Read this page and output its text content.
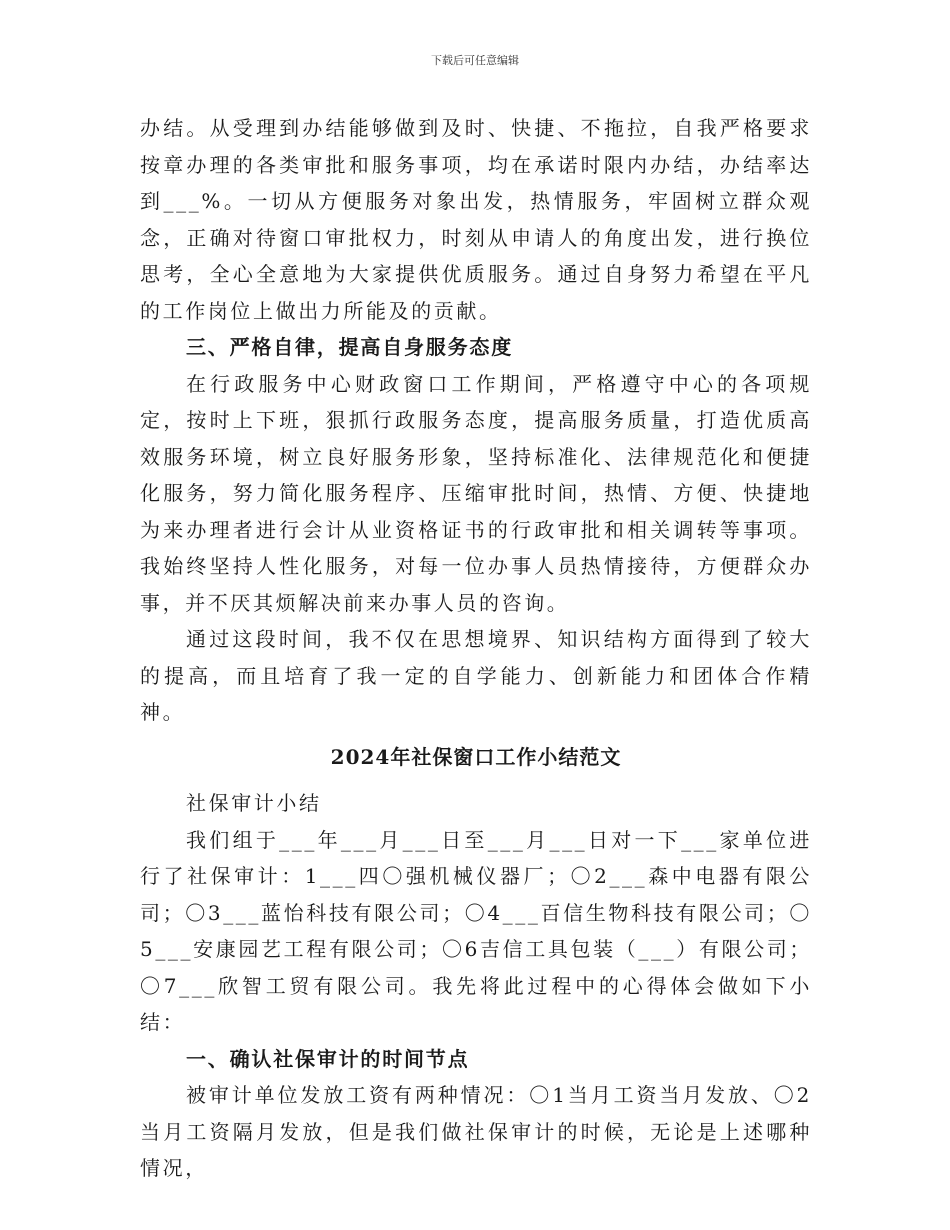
下载后可任意编辑

办结。从受理到办结能够做到及时、快捷、不拖拉，自我严格要求按章办理的各类审批和服务事项，均在承诺时限内办结，办结率达到___%。一切从方便服务对象出发，热情服务，牢固树立群众观念，正确对待窗口审批权力，时刻从申请人的角度出发，进行换位思考，全心全意地为大家提供优质服务。通过自身努力希望在平凡的工作岗位上做出力所能及的贡献。

三、严格自律，提高自身服务态度

在行政服务中心财政窗口工作期间，严格遵守中心的各项规定，按时上下班，狠抓行政服务态度，提高服务质量，打造优质高效服务环境，树立良好服务形象，坚持标准化、法律规范化和便捷化服务，努力简化服务程序、压缩审批时间，热情、方便、快捷地为来办理者进行会计从业资格证书的行政审批和相关调转等事项。我始终坚持人性化服务，对每一位办事人员热情接待，方便群众办事，并不厌其烦解决前来办事人员的咨询。

通过这段时间，我不仅在思想境界、知识结构方面得到了较大的提高，而且培育了我一定的自学能力、创新能力和团体合作精神。

2024年社保窗口工作小结范文

社保审计小结

我们组于___年___月___日至___月___日对一下___家单位进行了社保审计：1___四〇强机械仪器厂；〇2___森中电器有限公司；〇3___蓝怡科技有限公司；〇4___百信生物科技有限公司；〇5___安康园艺工程有限公司；〇6吉信工具包装（___）有限公司；〇7___欣智工贸有限公司。我先将此过程中的心得体会做如下小结：

一、确认社保审计的时间节点

被审计单位发放工资有两种情况：〇1当月工资当月发放、〇2当月工资隔月发放，但是我们做社保审计的时候，无论是上述哪种情况，
